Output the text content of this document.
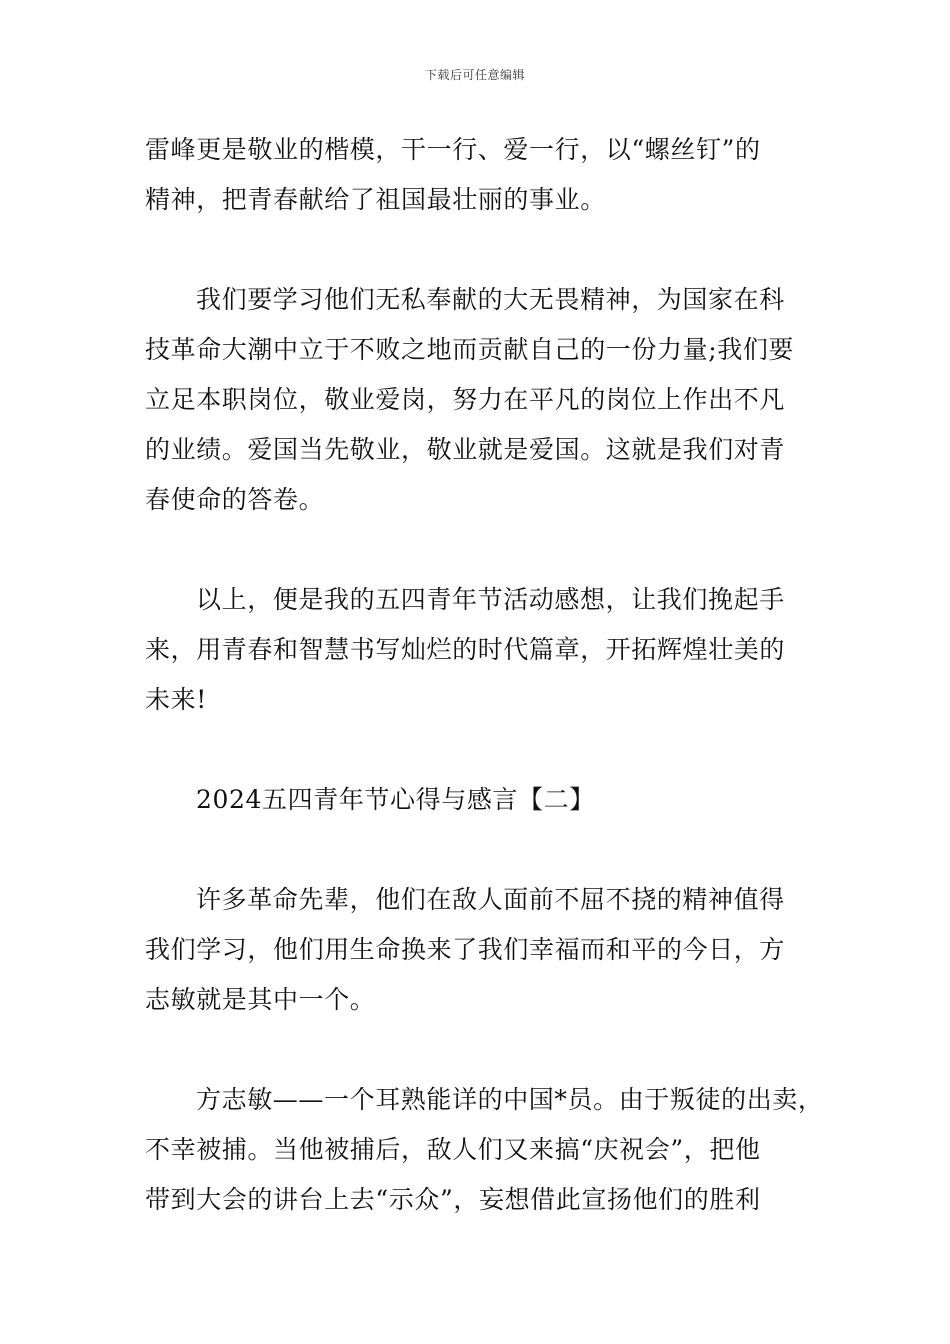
下载后可任意编辑
雷峰更是敬业的楷模，干一行、爱一行，以“螺丝钉”的
精神，把青春献给了祖国最壮丽的事业。
我们要学习他们无私奉献的大无畏精神，为国家在科
技革命大潮中立于不败之地而贡献自己的一份力量;我们要
立足本职岗位，敬业爱岗，努力在平凡的岗位上作出不凡
的业绩。爱国当先敬业，敬业就是爱国。这就是我们对青
春使命的答卷。
以上，便是我的五四青年节活动感想，让我们挽起手
来，用青春和智慧书写灿烂的时代篇章，开拓辉煌壮美的
未来!
2024五四青年节心得与感言【二】
许多革命先辈，他们在敌人面前不屈不挠的精神值得
我们学习，他们用生命换来了我们幸福而和平的今日，方
志敏就是其中一个。
方志敏——一个耳熟能详的中国*员。由于叛徒的出卖，
不幸被捕。当他被捕后，敌人们又来搞“庆祝会”，把他
带到大会的讲台上去“示众”，妄想借此宣扬他们的胜利
